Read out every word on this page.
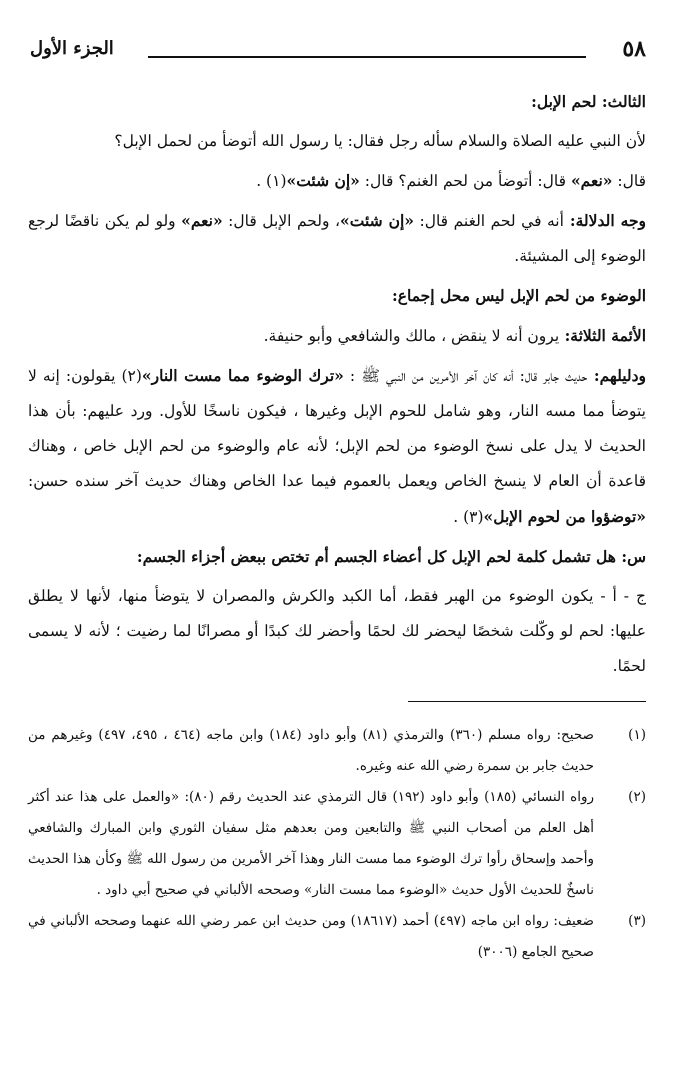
٥٨
الجزء الأول

الثالث: لحم الإبل:

لأن النبي عليه الصلاة والسلام سأله رجل فقال: يا رسول الله أتوضأ من لحمل الإبل؟

قال: «نعم» قال: أتوضأ من لحم الغنم؟ قال: «إن شئت»(١) .

وجه الدلالة: أنه في لحم الغنم قال: «إن شئت»، ولحم الإبل قال: «نعم» ولو لم يكن ناقضًا لرجع الوضوء إلى المشيئة.

الوضوء من لحم الإبل ليس محل إجماع:

الأئمة الثلاثة: يرون أنه لا ينقض ، مالك والشافعي وأبو حنيفة.

ودليلهم: حديث جابر قال: أنه كان آخر الأمرين من النبي ﷺ : «ترك الوضوء مما مست النار»(٢) يقولون: إنه لا يتوضأ مما مسه النار، وهو شامل للحوم الإبل وغيرها ، فيكون ناسخًا للأول. ورد عليهم: بأن هذا الحديث لا يدل على نسخ الوضوء من لحم الإبل؛ لأنه عام والوضوء من لحم الإبل خاص ، وهناك قاعدة أن العام لا ينسخ الخاص ويعمل بالعموم فيما عدا الخاص وهناك حديث آخر سنده حسن: «توضؤوا من لحوم الإبل»(٣) .

س: هل تشمل كلمة لحم الإبل كل أعضاء الجسم أم تختص ببعض أجزاء الجسم:

ج - أ - يكون الوضوء من الهبر فقط، أما الكبد والكرش والمصران لا يتوضأ منها، لأنها لا يطلق عليها: لحم لو وكّلت شخصًا ليحضر لك لحمًا وأحضر لك كبدًا أو مصرانًا لما رضيت ؛ لأنه لا يسمى لحمًا.

(١)
صحيح: رواه مسلم (٣٦٠) والترمذي (٨١) وأبو داود (١٨٤) وابن ماجه (٤٦٤ ، ٤٩٥، ٤٩٧) وغيرهم من حديث جابر بن سمرة رضي الله عنه وغيره.
(٢)
رواه النسائي (١٨٥) وأبو داود (١٩٢) قال الترمذي عند الحديث رقم (٨٠): «والعمل على هذا عند أكثر أهل العلم من أصحاب النبي ﷺ والتابعين ومن بعدهم مثل سفيان الثوري وابن المبارك والشافعي وأحمد وإسحاق رأوا ترك الوضوء مما مست النار وهذا آخر الأمرين من رسول الله ﷺ وكأن هذا الحديث ناسخٌ للحديث الأول حديث «الوضوء مما مست النار» وصححه الألباني في صحيح أبي داود .
(٣)
ضعيف: رواه ابن ماجه (٤٩٧) أحمد (١٨٦١٧) ومن حديث ابن عمر رضي الله عنهما وصححه الألباني في صحيح الجامع (٣٠٠٦)
